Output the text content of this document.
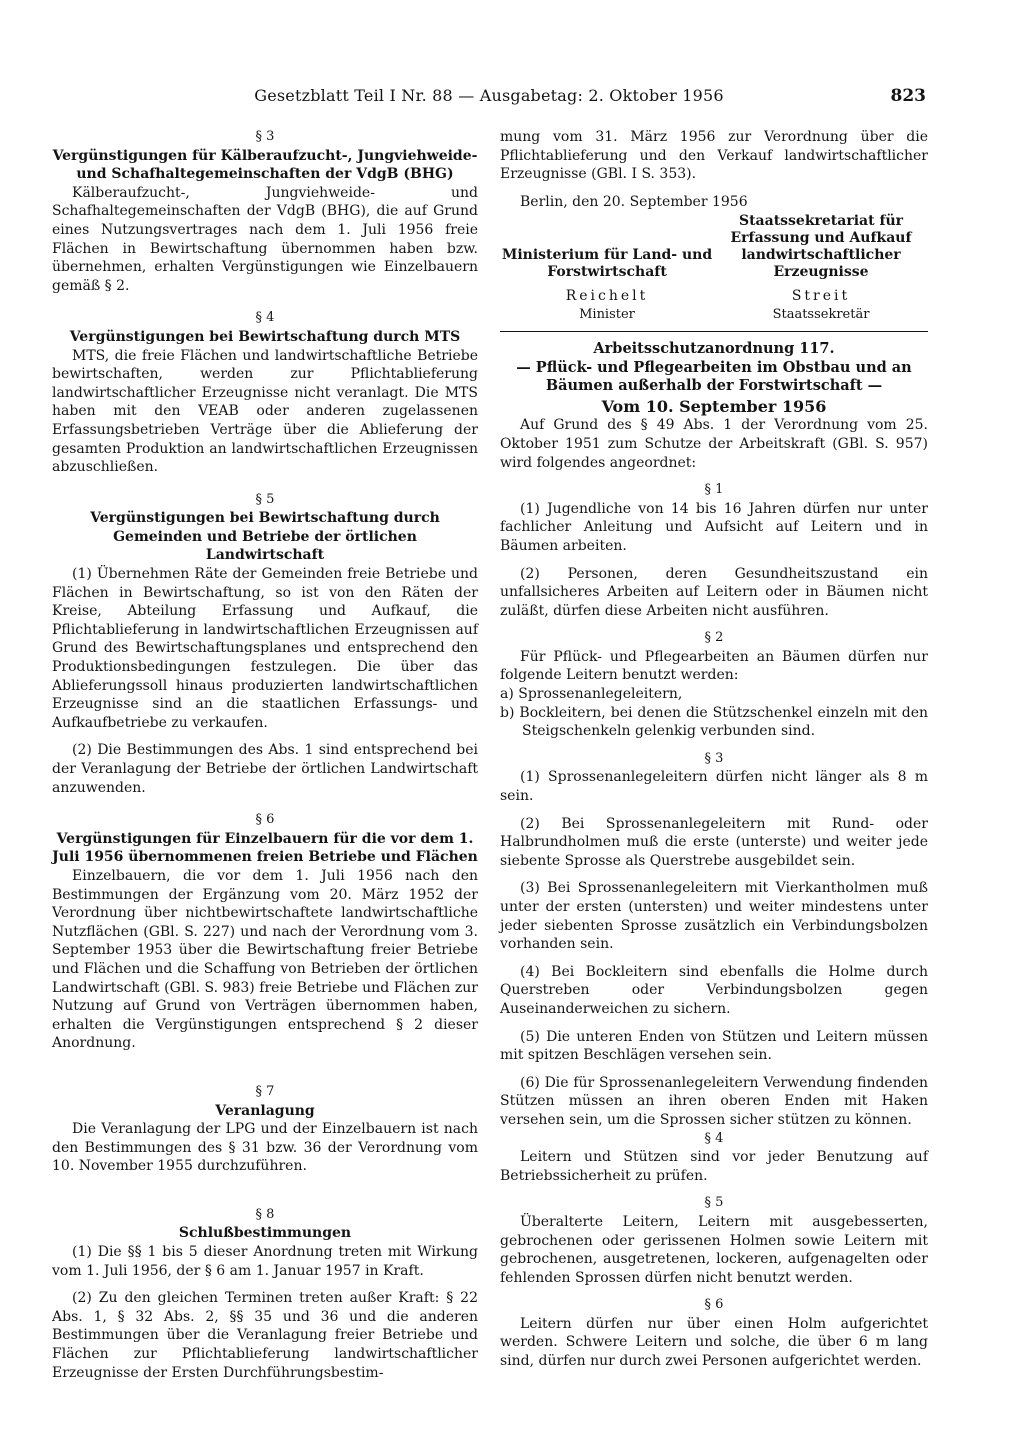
Gesetzblatt Teil I Nr. 88 — Ausgabetag: 2. Oktober 1956	823

§ 3

Vergünstigungen für Kälberaufzucht-, Jungviehweide- und Schafhaltegemeinschaften der VdgB (BHG)

Kälberaufzucht-, Jungviehweide- und Schafhaltegemeinschaften der VdgB (BHG), die auf Grund eines Nutzungsvertrages nach dem 1. Juli 1956 freie Flächen in Bewirtschaftung übernommen haben bzw. übernehmen, erhalten Vergünstigungen wie Einzelbauern gemäß § 2.

§ 4

Vergünstigungen bei Bewirtschaftung durch MTS

MTS, die freie Flächen und landwirtschaftliche Betriebe bewirtschaften, werden zur Pflichtablieferung landwirtschaftlicher Erzeugnisse nicht veranlagt. Die MTS haben mit den VEAB oder anderen zugelassenen Erfassungsbetrieben Verträge über die Ablieferung der gesamten Produktion an landwirtschaftlichen Erzeugnissen abzuschließen.

§ 5

Vergünstigungen bei Bewirtschaftung durch Gemeinden und Betriebe der örtlichen Landwirtschaft

(1) Übernehmen Räte der Gemeinden freie Betriebe und Flächen in Bewirtschaftung, so ist von den Räten der Kreise, Abteilung Erfassung und Aufkauf, die Pflichtablieferung in landwirtschaftlichen Erzeugnissen auf Grund des Bewirtschaftungsplanes und entsprechend den Produktionsbedingungen festzulegen. Die über das Ablieferungssoll hinaus produzierten landwirtschaftlichen Erzeugnisse sind an die staatlichen Erfassungs- und Aufkaufbetriebe zu verkaufen.

(2) Die Bestimmungen des Abs. 1 sind entsprechend bei der Veranlagung der Betriebe der örtlichen Landwirtschaft anzuwenden.

§ 6

Vergünstigungen für Einzelbauern für die vor dem 1. Juli 1956 übernommenen freien Betriebe und Flächen

Einzelbauern, die vor dem 1. Juli 1956 nach den Bestimmungen der Ergänzung vom 20. März 1952 der Verordnung über nichtbewirtschaftete landwirtschaftliche Nutzflächen (GBl. S. 227) und nach der Verordnung vom 3. September 1953 über die Bewirtschaftung freier Betriebe und Flächen und die Schaffung von Betrieben der örtlichen Landwirtschaft (GBl. S. 983) freie Betriebe und Flächen zur Nutzung auf Grund von Verträgen übernommen haben, erhalten die Vergünstigungen entsprechend § 2 dieser Anordnung.

§ 7

Veranlagung

Die Veranlagung der LPG und der Einzelbauern ist nach den Bestimmungen des § 31 bzw. 36 der Verordnung vom 10. November 1955 durchzuführen.

§ 8

Schlußbestimmungen

(1) Die §§ 1 bis 5 dieser Anordnung treten mit Wirkung vom 1. Juli 1956, der § 6 am 1. Januar 1957 in Kraft.

(2) Zu den gleichen Terminen treten außer Kraft: § 22 Abs. 1, § 32 Abs. 2, §§ 35 und 36 und die anderen Bestimmungen über die Veranlagung freier Betriebe und Flächen zur Pflichtablieferung landwirtschaftlicher Erzeugnisse der Ersten Durchführungsbestim-

mung vom 31. März 1956 zur Verordnung über die Pflichtablieferung und den Verkauf landwirtschaftlicher Erzeugnisse (GBl. I S. 353).

Berlin, den 20. September 1956

Ministerium für Land- und Forstwirtschaft
Reichelt
Minister
Staatssekretariat für Erfassung und Aufkauf landwirtschaftlicher Erzeugnisse
Streit
Staatssekretär

Arbeitsschutzanordnung 117.

— Pflück- und Pflegearbeiten im Obstbau und an Bäumen außerhalb der Forstwirtschaft —

Vom 10. September 1956

Auf Grund des § 49 Abs. 1 der Verordnung vom 25. Oktober 1951 zum Schutze der Arbeitskraft (GBl. S. 957) wird folgendes angeordnet:

§ 1

(1) Jugendliche von 14 bis 16 Jahren dürfen nur unter fachlicher Anleitung und Aufsicht auf Leitern und in Bäumen arbeiten.

(2) Personen, deren Gesundheitszustand ein unfallsicheres Arbeiten auf Leitern oder in Bäumen nicht zuläßt, dürfen diese Arbeiten nicht ausführen.

§ 2

Für Pflück- und Pflegearbeiten an Bäumen dürfen nur folgende Leitern benutzt werden:

a) Sprossenanlegeleitern,

b) Bockleitern, bei denen die Stützschenkel einzeln mit den Steigschenkeln gelenkig verbunden sind.

§ 3

(1) Sprossenanlegeleitern dürfen nicht länger als 8 m sein.

(2) Bei Sprossenanlegeleitern mit Rund- oder Halbrundholmen muß die erste (unterste) und weiter jede siebente Sprosse als Querstrebe ausgebildet sein.

(3) Bei Sprossenanlegeleitern mit Vierkantholmen muß unter der ersten (untersten) und weiter mindestens unter jeder siebenten Sprosse zusätzlich ein Verbindungsbolzen vorhanden sein.

(4) Bei Bockleitern sind ebenfalls die Holme durch Querstreben oder Verbindungsbolzen gegen Auseinanderweichen zu sichern.

(5) Die unteren Enden von Stützen und Leitern müssen mit spitzen Beschlägen versehen sein.

(6) Die für Sprossenanlegeleitern Verwendung findenden Stützen müssen an ihren oberen Enden mit Haken versehen sein, um die Sprossen sicher stützen zu können.

§ 4

Leitern und Stützen sind vor jeder Benutzung auf Betriebssicherheit zu prüfen.

§ 5

Überalterte Leitern, Leitern mit ausgebesserten, gebrochenen oder gerissenen Holmen sowie Leitern mit gebrochenen, ausgetretenen, lockeren, aufgenagelten oder fehlenden Sprossen dürfen nicht benutzt werden.

§ 6

Leitern dürfen nur über einen Holm aufgerichtet werden. Schwere Leitern und solche, die über 6 m lang sind, dürfen nur durch zwei Personen aufgerichtet werden.
